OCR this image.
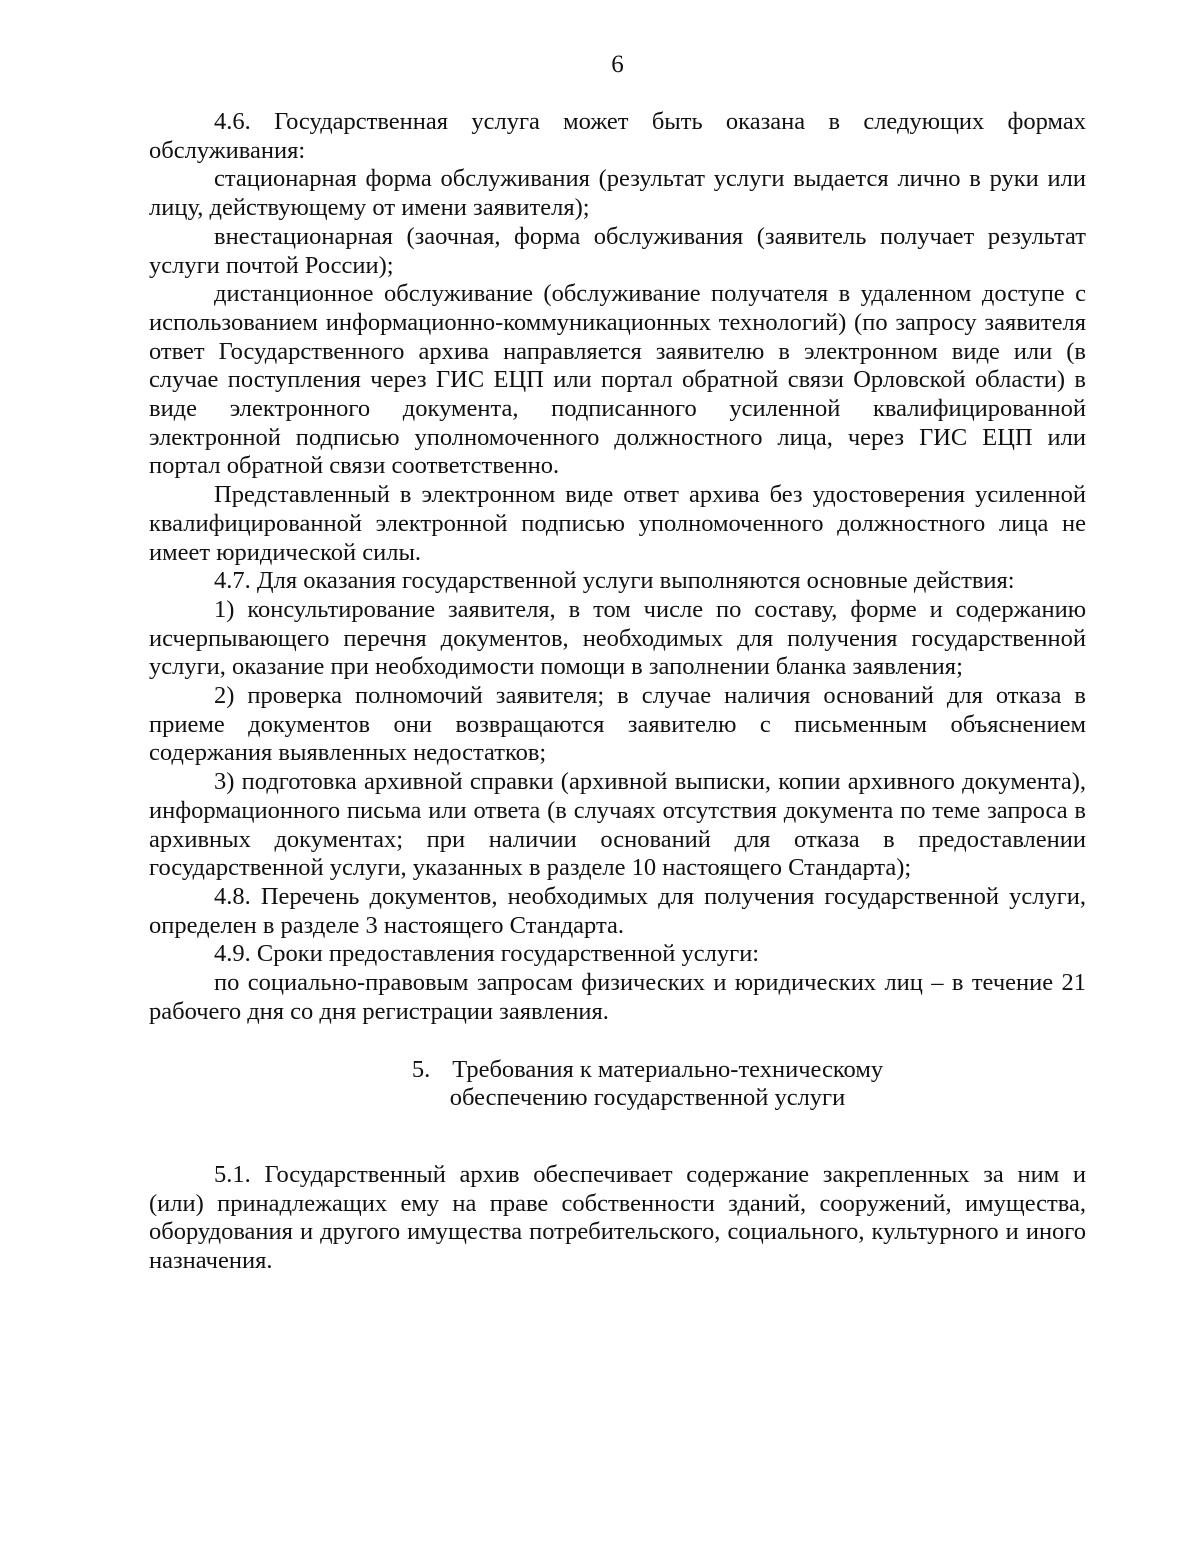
6

4.6. Государственная услуга может быть оказана в следующих формах обслуживания:

стационарная форма обслуживания (результат услуги выдается лично в руки или лицу, действующему от имени заявителя);

внестационарная (заочная, форма обслуживания (заявитель получает результат услуги почтой России);

дистанционное обслуживание (обслуживание получателя в удаленном доступе с использованием информационно-коммуникационных технологий) (по запросу заявителя ответ Государственного архива направляется заявителю в электронном виде или (в случае поступления через ГИС ЕЦП или портал обратной связи Орловской области) в виде электронного документа, подписанного усиленной квалифицированной электронной подписью уполномоченного должностного лица, через ГИС ЕЦП или портал обратной связи соответственно.

Представленный в электронном виде ответ архива без удостоверения усиленной квалифицированной электронной подписью уполномоченного должностного лица не имеет юридической силы.

4.7. Для оказания государственной услуги выполняются основные действия:

1) консультирование заявителя, в том числе по составу, форме и содержанию исчерпывающего перечня документов, необходимых для получения государственной услуги, оказание при необходимости помощи в заполнении бланка заявления;

2) проверка полномочий заявителя; в случае наличия оснований для отказа в приеме документов они возвращаются заявителю с письменным объяснением содержания выявленных недостатков;

3) подготовка архивной справки (архивной выписки, копии архивного документа), информационного письма или ответа (в случаях отсутствия документа по теме запроса в архивных документах; при наличии оснований для отказа в предоставлении государственной услуги, указанных в разделе 10 настоящего Стандарта);

4.8. Перечень документов, необходимых для получения государственной услуги, определен в разделе 3 настоящего Стандарта.

4.9. Сроки предоставления государственной услуги:

по социально-правовым запросам физических и юридических лиц – в течение 21 рабочего дня со дня регистрации заявления.

5. Требования к материально-техническому
обеспечению государственной услуги

5.1. Государственный архив обеспечивает содержание закрепленных за ним и (или) принадлежащих ему на праве собственности зданий, сооружений, имущества, оборудования и другого имущества потребительского, социального, культурного и иного назначения.
